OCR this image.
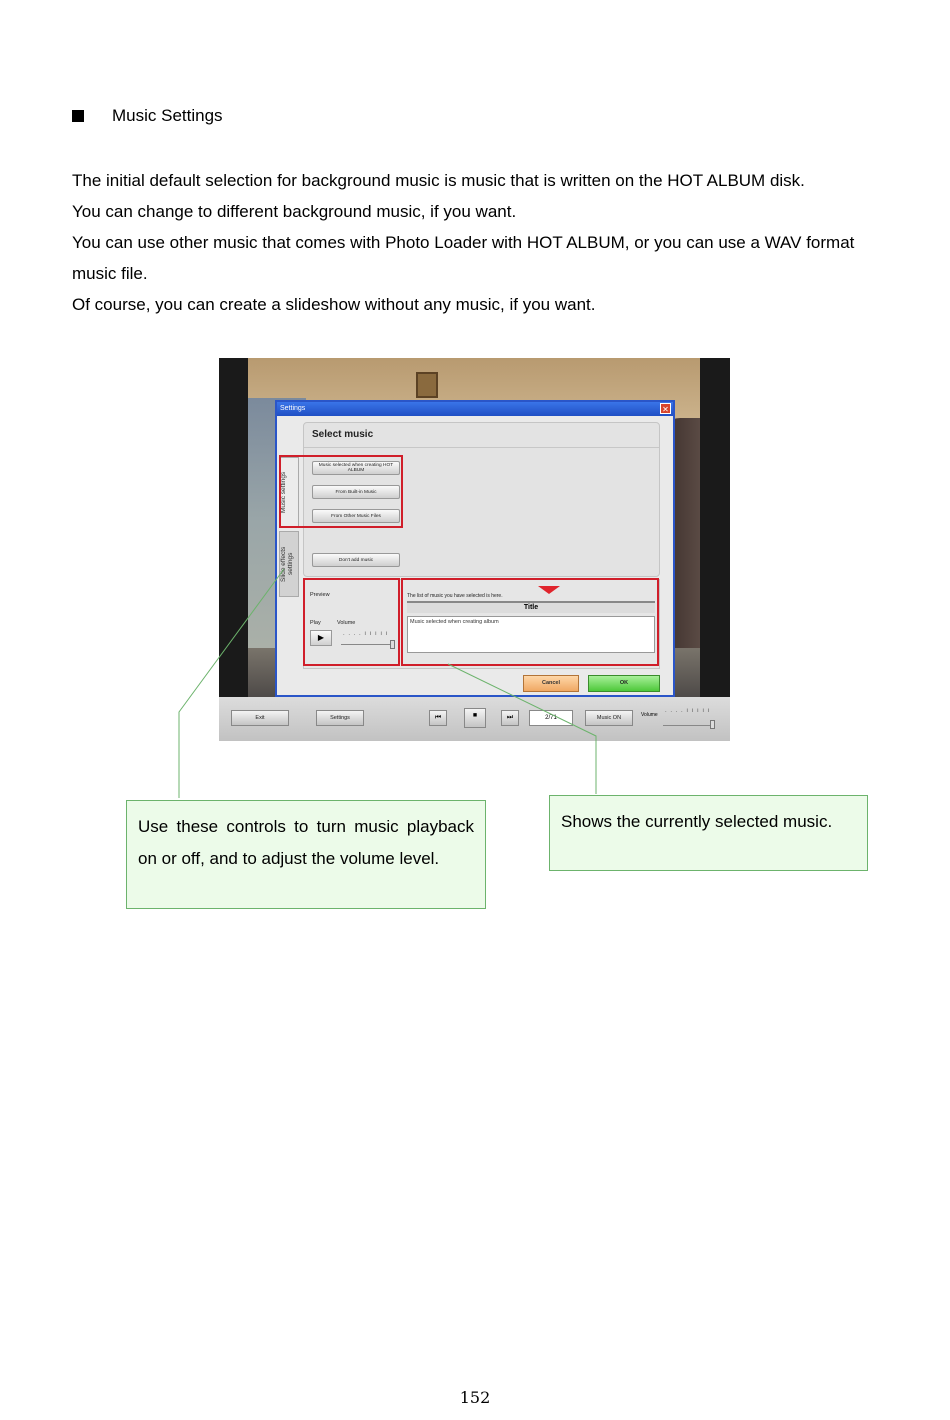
Music Settings

The initial default selection for background music is music that is written on the HOT ALBUM disk.

You can change to different background music, if you want.

You can use other music that comes with Photo Loader with HOT ALBUM, or you can use a WAV format music file.

Of course, you can create a slideshow without any music, if you want.

Settings	✕
Music settings
Slide effects settings
Select music
Music selected when creating HOT ALBUM
From Built-in Music
From Other Music Files
Don't add music
Preview
Play	Volume
▶	. . . . ı ı ı ı ı
The list of music you have selected is here.
Title
Music selected when creating album
Cancel	OK
Exit	Settings	⏮	■	⏭	2/71	Music ON	Volume
. . . . ı ı ı ı ı
Use these controls to turn music playback on or off, and to adjust the volume level.
Shows the currently selected music.
152
